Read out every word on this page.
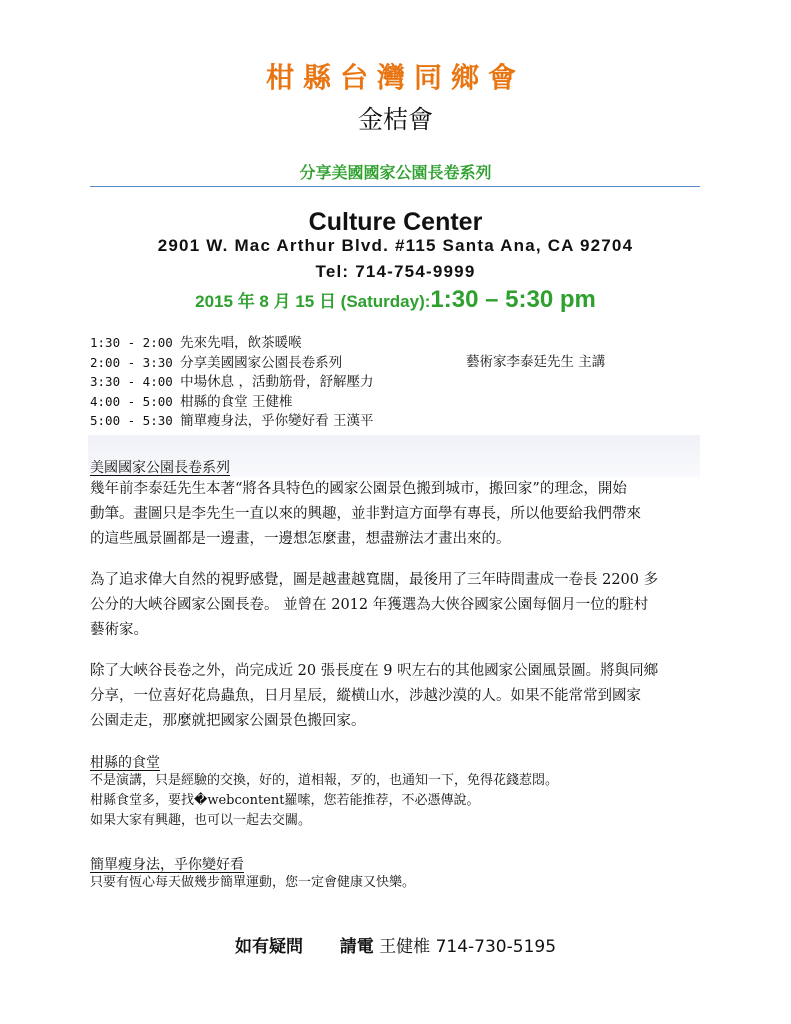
柑縣台灣同鄉會
金桔會
分享美國國家公園長卷系列
Culture Center
2901 W. Mac Arthur Blvd. #115 Santa Ana, CA 92704
Tel: 714-754-9999
2015 年 8 月 15 日 (Saturday):1:30 – 5:30 pm
1:30 - 2:00 先來先唱，飲茶暖喉
2:00 - 3:30 分享美國國家公園長卷系列	藝術家李泰廷先生 主講
3:30 - 4:00 中場休息 ，活動筋骨，舒解壓力
4:00 - 5:00 柑縣的食堂 王健椎
5:00 - 5:30 簡單瘦身法，乎你變好看 王漢平
美國國家公園長卷系列
幾年前李泰廷先生本著“將各具特色的國家公園景色搬到城市，搬回家”的理念，開始
動筆。畫圖只是李先生一直以來的興趣，並非對這方面學有專長，所以他要給我們帶來
的這些風景圖都是一邊畫，一邊想怎麼畫，想盡辦法才畫出來的。
為了追求偉大自然的視野感覺，圖是越畫越寬闊，最後用了三年時間畫成一卷長 2200 多
公分的大峽谷國家公園長卷。 並曾在 2012 年獲選為大俠谷國家公園每個月一位的駐村
藝術家。
除了大峽谷長卷之外，尚完成近 20 張長度在 9 呎左右的其他國家公園風景圖。將與同鄉
分享，一位喜好花鳥蟲魚，日月星辰，縱横山水，涉越沙漠的人。如果不能常常到國家
公園走走，那麼就把國家公園景色搬回家。
柑縣的食堂
不是演講，只是經驗的交換，好的，道相報，歹的，也通知一下，免得花錢惹悶。
柑縣食堂多，要找�webcontent羅嗦，您若能推荐，不必憑傳說。
如果大家有興趣，也可以一起去交關。
簡單瘦身法，乎你變好看
只要有恆心每天做幾步簡單運動，您一定會健康又快樂。
如有疑問 請電 王健椎 714-730-5195
